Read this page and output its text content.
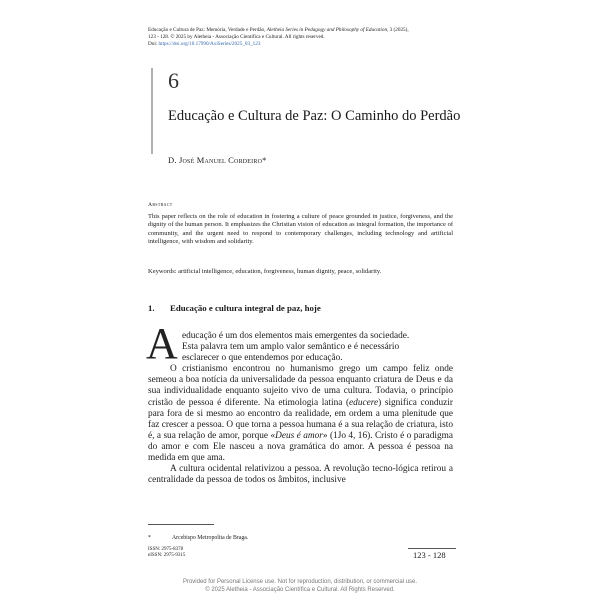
Educação e Cultura de Paz: Memória, Verdade e Perdão, Aletheia Series in Pedagogy and Philosophy of Education, 3 (2025),
123 - 128. © 2025 by Aletheia - Associação Científica e Cultural. All rights reserved.
Doi: https://doi.org/10.17990/AxiSeries/2025_03_123
6
Educação e Cultura de Paz: O Caminho do Perdão
D. José Manuel Cordeiro*
Abstract
This paper reflects on the role of education in fostering a culture of peace grounded in justice, forgiveness, and the dignity of the human person. It emphasizes the Christian vision of education as integral formation, the importance of community, and the urgent need to respond to contemporary challenges, including technology and artificial intelligence, with wisdom and solidarity.
Keywords: artificial intelligence, education, forgiveness, human dignity, peace, solidarity.
1. Educação e cultura integral de paz, hoje
A educação é um dos elementos mais emergentes da sociedade.

Esta palavra tem um amplo valor semântico e é necessário

esclarecer o que entendemos por educação.

O cristianismo encontrou no humanismo grego um campo feliz onde semeou a boa notícia da universalidade da pessoa enquanto criatura de Deus e da sua individualidade enquanto sujeito vivo de uma cultura. Todavia, o princípio cristão de pessoa é diferente. Na etimologia latina (educere) significa conduzir para fora de si mesmo ao encontro da realidade, em ordem a uma plenitude que faz crescer a pessoa. O que torna a pessoa humana é a sua relação de criatura, isto é, a sua relação de amor, porque «Deus é amor» (1Jo 4, 16). Cristo é o paradigma do amor e com Ele nasceu a nova gramática do amor. A pessoa é pessoa na medida em que ama.

A cultura ocidental relativizou a pessoa. A revolução tecno-lógica retirou a centralidade da pessoa de todos os âmbitos, inclusive

*	Arcebispo Metropolita de Braga.
ISSN: 2975-8378
eISSN: 2975-9315	123 - 128
Provided for Personal License use. Not for reproduction, distribution, or commercial use.
© 2025 Aletheia - Associação Científica e Cultural. All Rights Reserved.
